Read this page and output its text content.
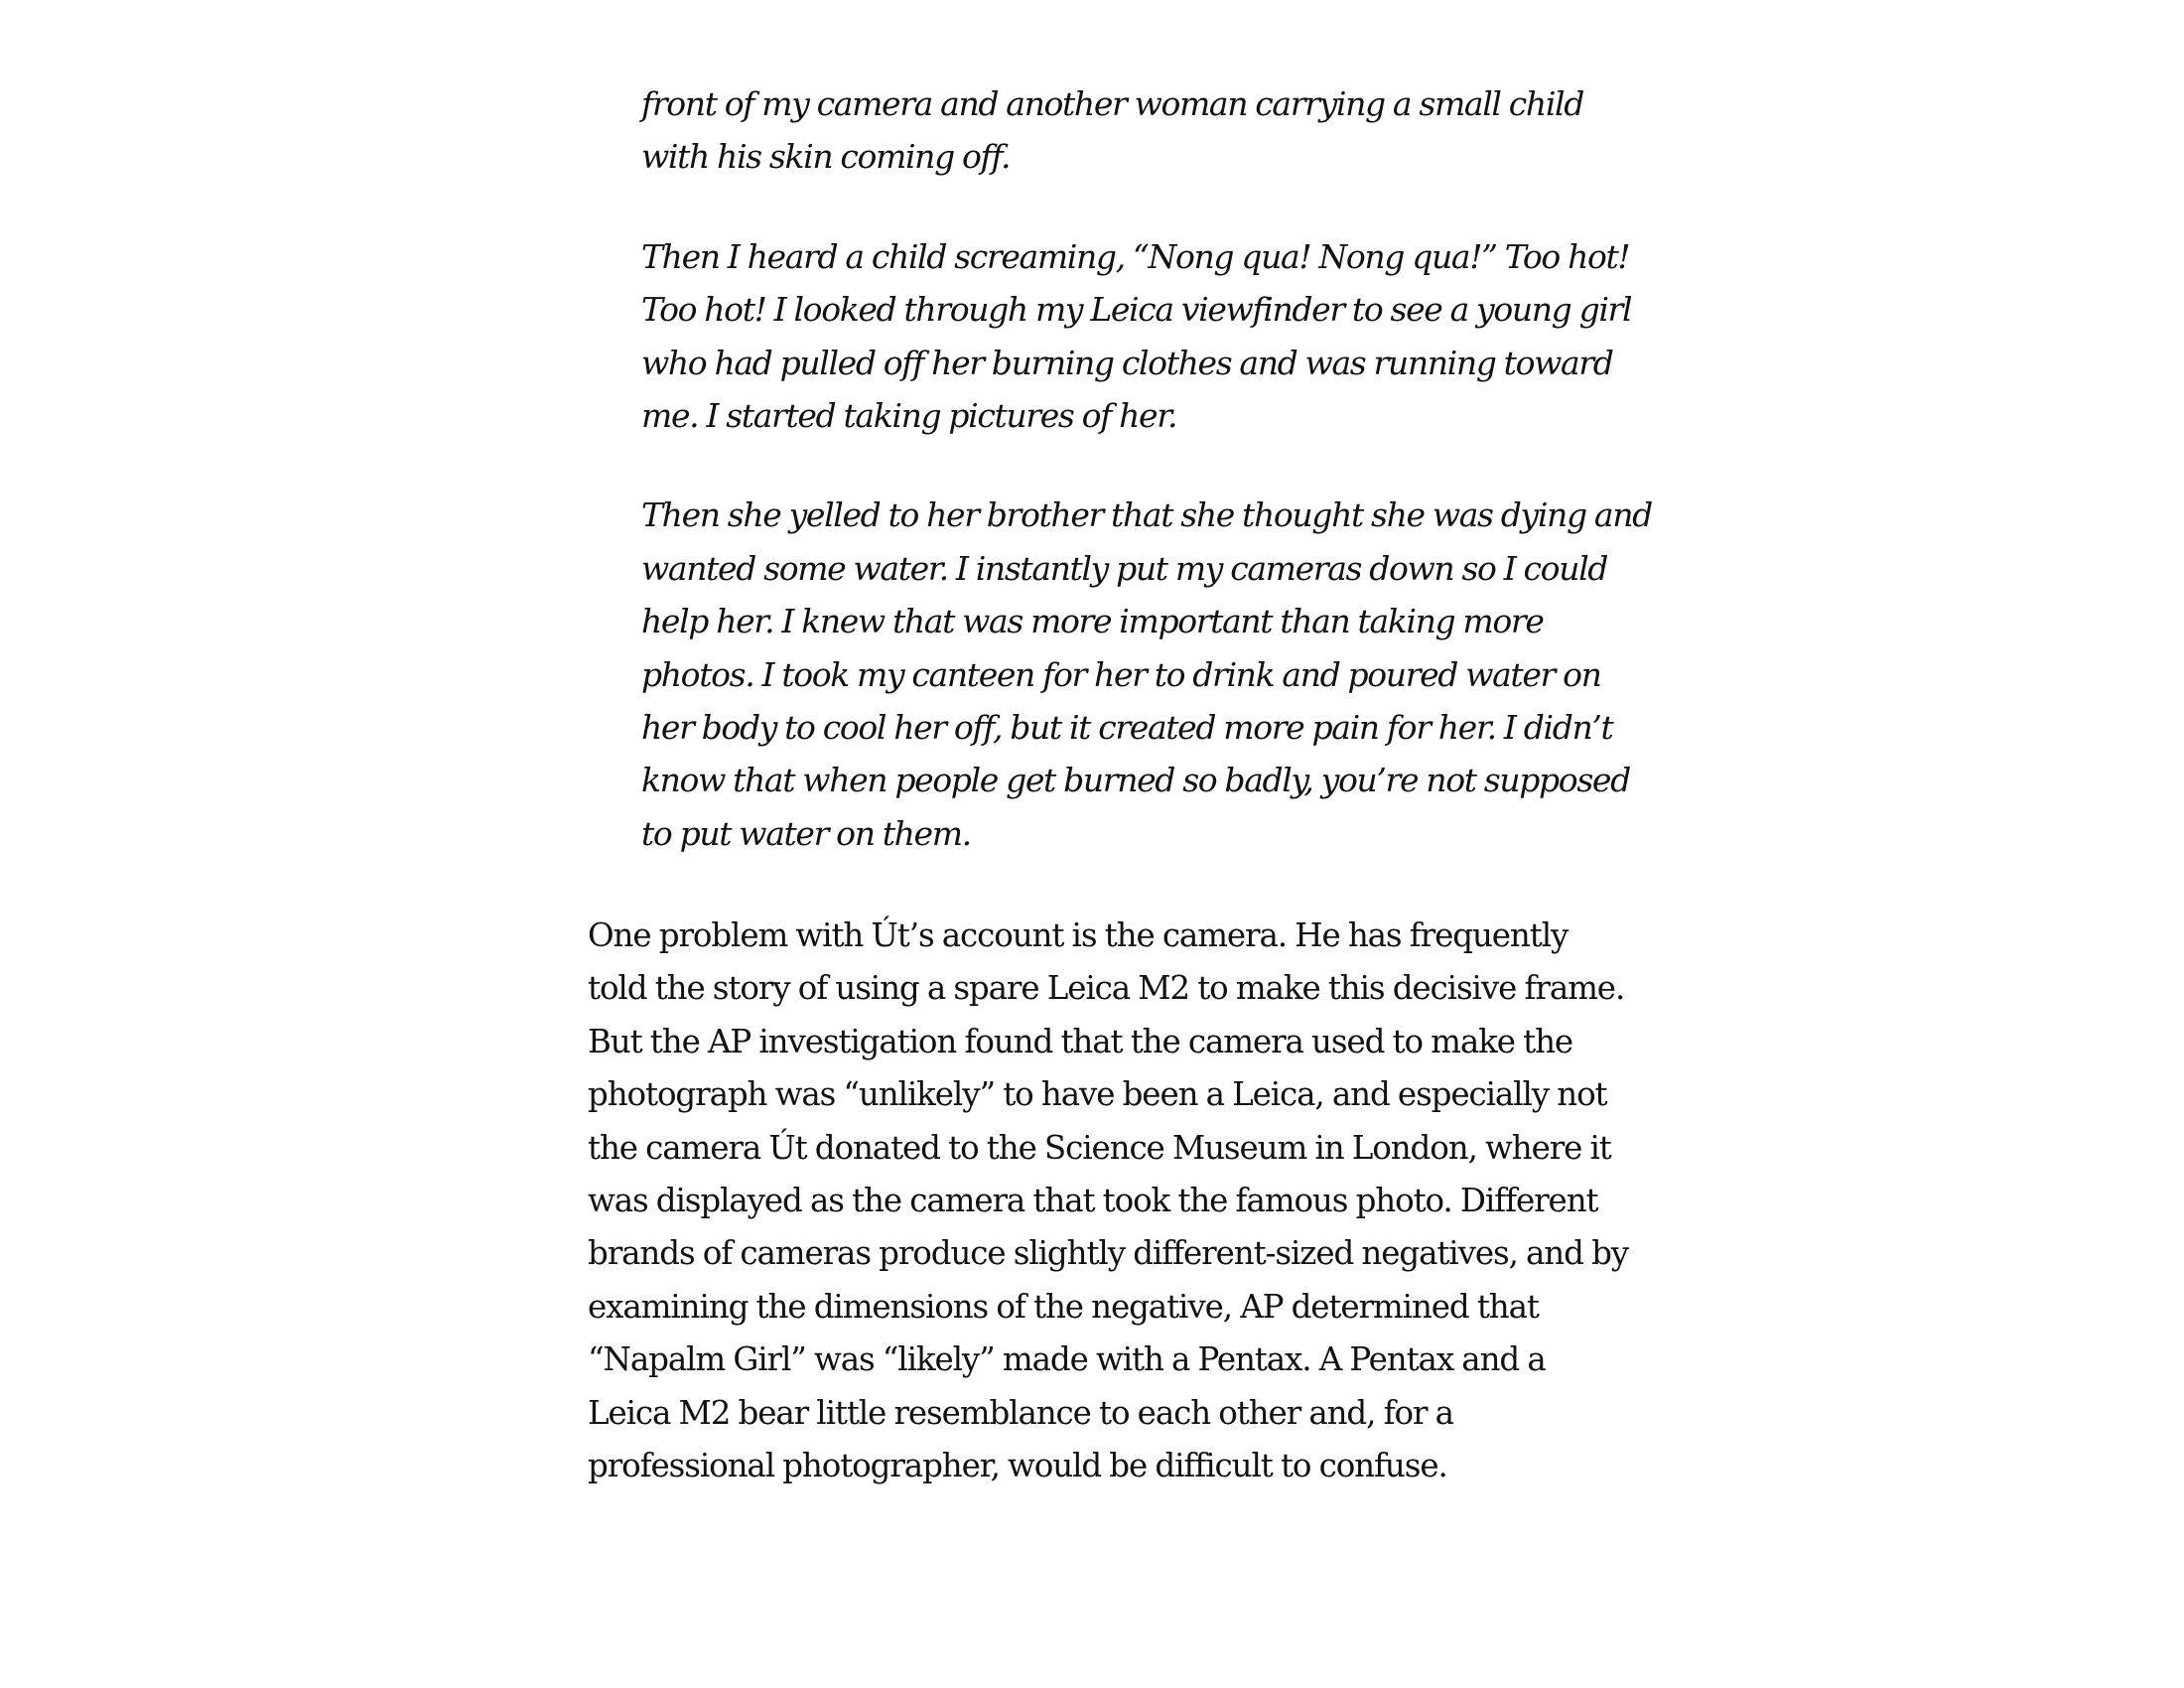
front of my camera and another woman carrying a small child
with his skin coming off.

Then I heard a child screaming, “Nong qua! Nong qua!” Too hot!
Too hot! I looked through my Leica viewfinder to see a young girl
who had pulled off her burning clothes and was running toward
me. I started taking pictures of her.

Then she yelled to her brother that she thought she was dying and
wanted some water. I instantly put my cameras down so I could
help her. I knew that was more important than taking more
photos. I took my canteen for her to drink and poured water on
her body to cool her off, but it created more pain for her. I didn’t
know that when people get burned so badly, you’re not supposed
to put water on them.

One problem with Út’s account is the camera. He has frequently
told the story of using a spare Leica M2 to make this decisive frame.
But the AP investigation found that the camera used to make the
photograph was “unlikely” to have been a Leica, and especially not
the camera Út donated to the Science Museum in London, where it
was displayed as the camera that took the famous photo. Different
brands of cameras produce slightly different-sized negatives, and by
examining the dimensions of the negative, AP determined that
“Napalm Girl” was “likely” made with a Pentax. A Pentax and a
Leica M2 bear little resemblance to each other and, for a
professional photographer, would be difficult to confuse.
